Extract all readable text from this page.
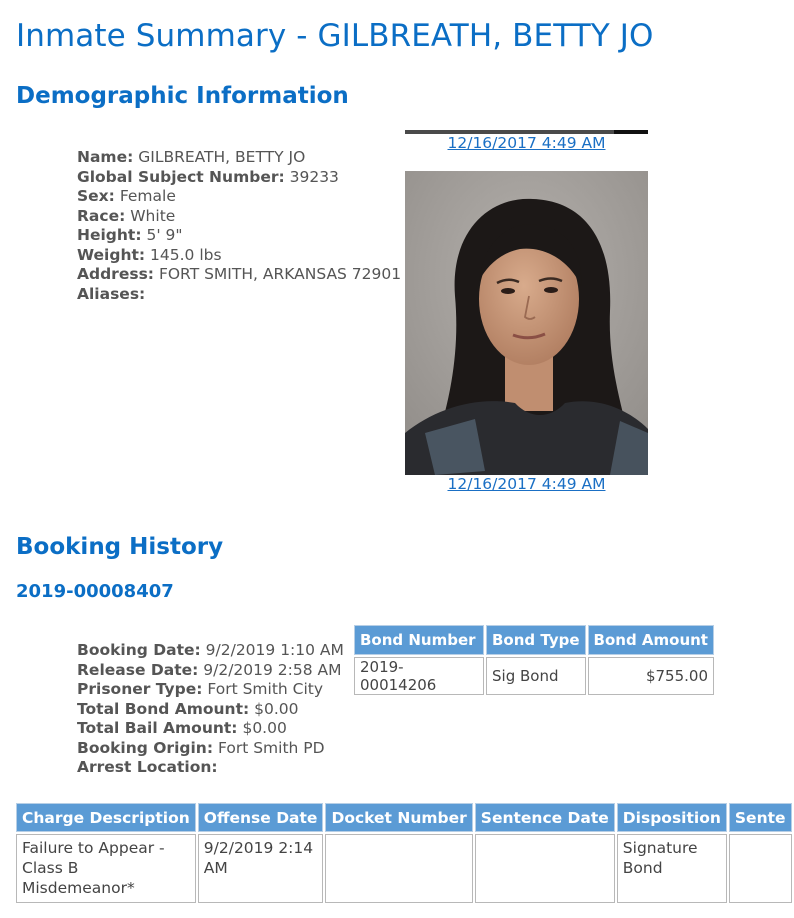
Inmate Summary - GILBREATH, BETTY JO
Demographic Information
Name: GILBREATH, BETTY JO
Global Subject Number: 39233
Sex: Female
Race: White
Height: 5' 9"
Weight: 145.0 lbs
Address: FORT SMITH, ARKANSAS 72901
Aliases:
12/16/2017 4:49 AM
12/16/2017 4:49 AM
Booking History
2019-00008407
Booking Date: 9/2/2019 1:10 AM
Release Date: 9/2/2019 2:58 AM
Prisoner Type: Fort Smith City
Total Bond Amount: $0.00
Total Bail Amount: $0.00
Booking Origin: Fort Smith PD
Arrest Location:
Bond Number	Bond Type	Bond Amount
2019-00014206	Sig Bond	$755.00
Charge Description	Offense Date	Docket Number	Sentence Date	Disposition	Sente
Failure to Appear - Class B Misdemeanor*	9/2/2019 2:14 AM			Signature Bond	
